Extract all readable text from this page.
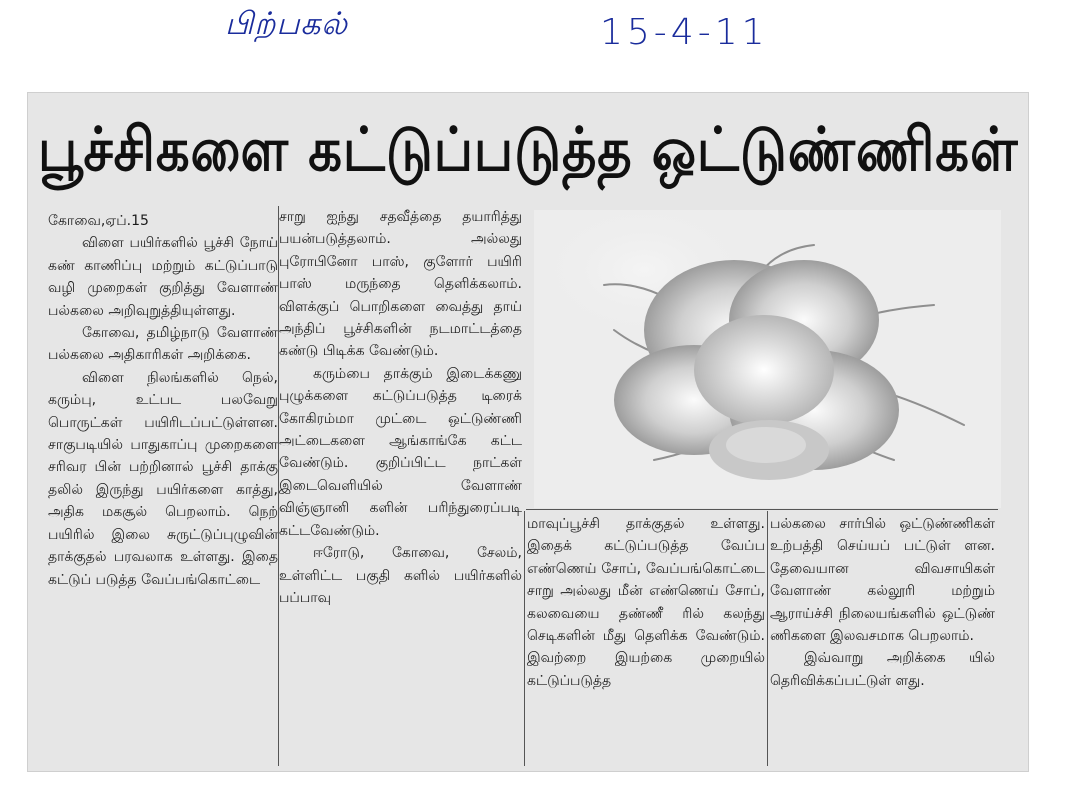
பிற்பகல்	15-4-11
பூச்சிகளை கட்டுப்படுத்த ஒட்டுண்ணிகள்

கோவை,ஏப்.15

விளை பயிர்களில் பூச்சி நோய் கண் காணிப்பு மற்றும் கட்டுப்பாடு வழி முறைகள் குறித்து வேளாண் பல்கலை அறிவுறுத்தியுள்ளது.

கோவை, தமிழ்நாடு வேளாண் பல்கலை அதிகாரிகள் அறிக்கை.

விளை நிலங்களில் நெல், கரும்பு, உட்பட பலவேறு பொருட்கள் பயிரிடப்பட்டுள்ளன. சாகுபடியில் பாதுகாப்பு முறைகளை சரிவர பின் பற்றினால் பூச்சி தாக்கு தலில் இருந்து பயிர்களை காத்து, அதிக மகசூல் பெறலாம். நெற் பயிரில் இலை சுருட்டுப்புழுவின் தாக்குதல் பரவலாக உள்ளது. இதை கட்டுப் படுத்த வேப்பங்கொட்டை

சாறு ஐந்து சதவீத்தை தயாரித்து பயன்படுத்தலாம். அல்லது புரோபினோ பாஸ், குளோர் பயிரி பாஸ் மருந்தை தெளிக்கலாம். விளக்குப் பொறிகளை வைத்து தாய் அந்திப் பூச்சிகளின் நடமாட்டத்தை கண்டு பிடிக்க வேண்டும்.

கரும்பை தாக்கும் இடைக்கணு புழுக்களை கட்டுப்படுத்த டிரைக் கோகிரம்மா முட்டை ஒட்டுண்ணி அட்டைகளை ஆங்காங்கே கட்ட வேண்டும். குறிப்பிட்ட நாட்கள் இடைவெளியில் வேளாண் விஞ்ஞானி களின் பரிந்துரைப்படி கட்டவேண்டும்.

ஈரோடு, கோவை, சேலம், உள்ளிட்ட பகுதி களில் பயிர்களில் பப்பாவு

மாவுப்பூச்சி தாக்குதல் உள்ளது. இதைக் கட்டுப்படுத்த வேப்ப எண்ணெய் சோப், வேப்பங்கொட்டை சாறு அல்லது மீன் எண்ணெய் சோப், கலவையை தண்ணீ ரில் கலந்து செடிகளின் மீது தெளிக்க வேண்டும். இவற்றை இயற்கை முறையில் கட்டுப்படுத்த

பல்கலை சார்பில் ஒட்டுண்ணிகள் உற்பத்தி செய்யப் பட்டுள் ளன. தேவையான விவசாயிகள் வேளாண் கல்லூரி மற்றும் ஆராய்ச்சி நிலையங்களில் ஒட்டுண் ணிகளை இலவசமாக பெறலாம்.

இவ்வாறு அறிக்கை யில் தெரிவிக்கப்பட்டுள் ளது.
